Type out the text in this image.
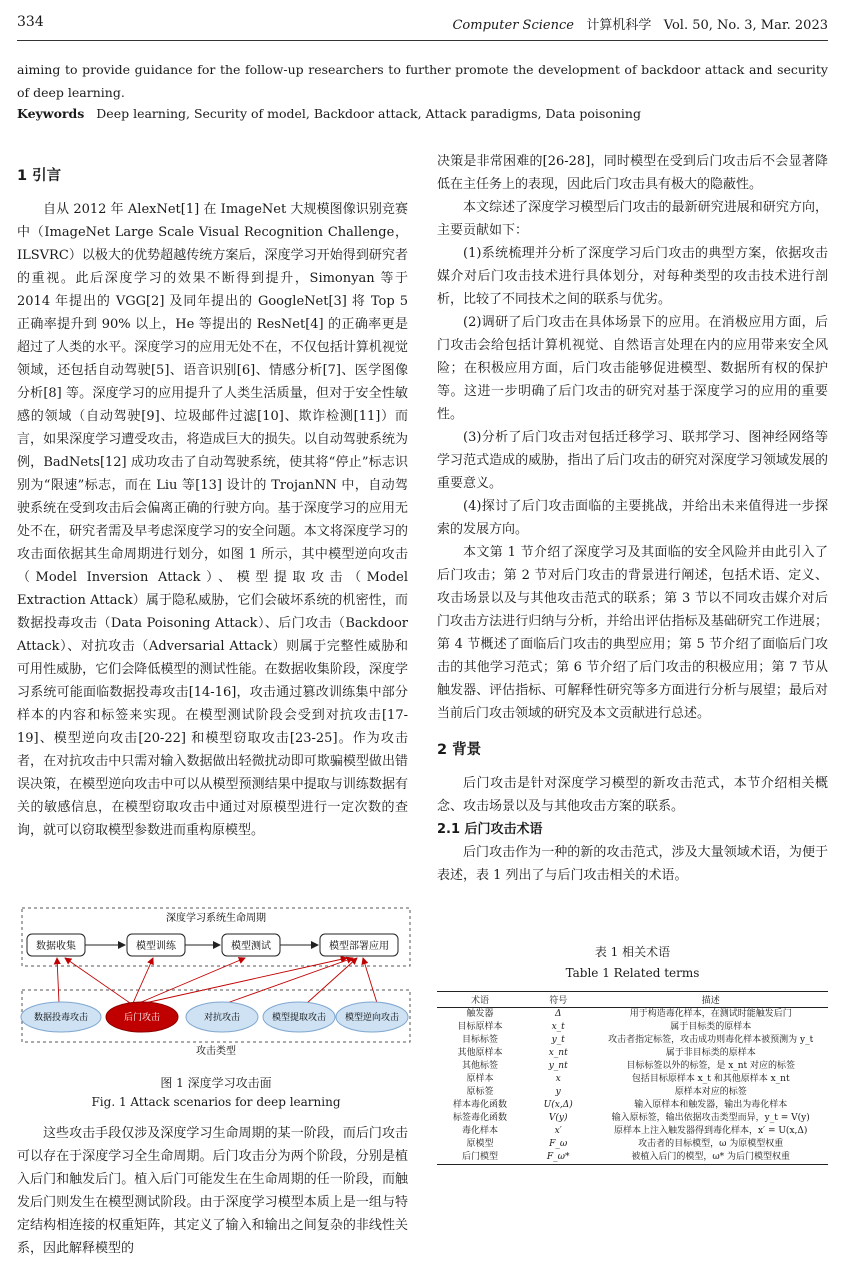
334	Computer Science 计算机科学 Vol. 50, No. 3, Mar. 2023
aiming to provide guidance for the follow-up researchers to further promote the development of backdoor attack and security of deep learning.
Keywords Deep learning, Security of model, Backdoor attack, Attack paradigms, Data poisoning

1 引言

自从 2012 年 AlexNet[1] 在 ImageNet 大规模图像识别竞赛中（ImageNet Large Scale Visual Recognition Challenge，ILSVRC）以极大的优势超越传统方案后，深度学习开始得到研究者的重视。此后深度学习的效果不断得到提升，Simonyan 等于 2014 年提出的 VGG[2] 及同年提出的 GoogleNet[3] 将 Top 5 正确率提升到 90% 以上，He 等提出的 ResNet[4] 的正确率更是超过了人类的水平。深度学习的应用无处不在，不仅包括计算机视觉领域，还包括自动驾驶[5]、语音识别[6]、情感分析[7]、医学图像分析[8] 等。深度学习的应用提升了人类生活质量，但对于安全性敏感的领域（自动驾驶[9]、垃圾邮件过滤[10]、欺诈检测[11]）而言，如果深度学习遭受攻击，将造成巨大的损失。以自动驾驶系统为例，BadNets[12] 成功攻击了自动驾驶系统，使其将“停止”标志识别为“限速”标志，而在 Liu 等[13] 设计的 TrojanNN 中，自动驾驶系统在受到攻击后会偏离正确的行驶方向。基于深度学习的应用无处不在，研究者需及早考虑深度学习的安全问题。本文将深度学习的攻击面依据其生命周期进行划分，如图 1 所示，其中模型逆向攻击（Model Inversion Attack）、模型提取攻击（Model Extraction Attack）属于隐私威胁，它们会破坏系统的机密性，而数据投毒攻击（Data Poisoning Attack）、后门攻击（Backdoor Attack）、对抗攻击（Adversarial Attack）则属于完整性威胁和可用性威胁，它们会降低模型的测试性能。在数据收集阶段，深度学习系统可能面临数据投毒攻击[14-16]，攻击通过篡改训练集中部分样本的内容和标签来实现。在模型测试阶段会受到对抗攻击[17-19]、模型逆向攻击[20-22] 和模型窃取攻击[23-25]。作为攻击者，在对抗攻击中只需对输入数据做出轻微扰动即可欺骗模型做出错误决策，在模型逆向攻击中可以从模型预测结果中提取与训练数据有关的敏感信息，在模型窃取攻击中通过对原模型进行一定次数的查询，就可以窃取模型参数进而重构原模型。

深度学习系统生命周期
数据收集	模型训练	模型测试	模型部署应用
数据投毒攻击	后门攻击	对抗攻击	模型提取攻击 模型逆向攻击
攻击类型
图 1 深度学习攻击面
Fig. 1 Attack scenarios for deep learning

这些攻击手段仅涉及深度学习生命周期的某一阶段，而后门攻击可以存在于深度学习全生命周期。后门攻击分为两个阶段，分别是植入后门和触发后门。植入后门可能发生在生命周期的任一阶段，而触发后门则发生在模型测试阶段。由于深度学习模型本质上是一组与特定结构相连接的权重矩阵，其定义了输入和输出之间复杂的非线性关系，因此解释模型的

决策是非常困难的[26-28]，同时模型在受到后门攻击后不会显著降低在主任务上的表现，因此后门攻击具有极大的隐蔽性。

本文综述了深度学习模型后门攻击的最新研究进展和研究方向，主要贡献如下：

(1)系统梳理并分析了深度学习后门攻击的典型方案，依据攻击媒介对后门攻击技术进行具体划分，对每种类型的攻击技术进行剖析，比较了不同技术之间的联系与优劣。

(2)调研了后门攻击在具体场景下的应用。在消极应用方面，后门攻击会给包括计算机视觉、自然语言处理在内的应用带来安全风险；在积极应用方面，后门攻击能够促进模型、数据所有权的保护等。这进一步明确了后门攻击的研究对基于深度学习的应用的重要性。

(3)分析了后门攻击对包括迁移学习、联邦学习、图神经网络等学习范式造成的威胁，指出了后门攻击的研究对深度学习领域发展的重要意义。

(4)探讨了后门攻击面临的主要挑战，并给出未来值得进一步探索的发展方向。

本文第 1 节介绍了深度学习及其面临的安全风险并由此引入了后门攻击；第 2 节对后门攻击的背景进行阐述，包括术语、定义、攻击场景以及与其他攻击范式的联系；第 3 节以不同攻击媒介对后门攻击方法进行归纳与分析，并给出评估指标及基础研究工作进展；第 4 节概述了面临后门攻击的典型应用；第 5 节介绍了面临后门攻击的其他学习范式；第 6 节介绍了后门攻击的积极应用；第 7 节从触发器、评估指标、可解释性研究等多方面进行分析与展望；最后对当前后门攻击领域的研究及本文贡献进行总述。

2 背景

后门攻击是针对深度学习模型的新攻击范式，本节介绍相关概念、攻击场景以及与其他攻击方案的联系。

2.1 后门攻击术语

后门攻击作为一种的新的攻击范式，涉及大量领域术语，为便于表述，表 1 列出了与后门攻击相关的术语。

表 1 相关术语
Table 1 Related terms
术语	符号	描述
触发器	Δ	用于构造毒化样本，在测试时能触发后门
目标原样本	x_t	属于目标类的原样本
目标标签	y_t	攻击者指定标签，攻击成功则毒化样本被预测为 y_t
其他原样本	x_nt	属于非目标类的原样本
其他标签	y_nt	目标标签以外的标签，是 x_nt 对应的标签
原样本	x	包括目标原样本 x_t 和其他原样本 x_nt
原标签	y	原样本对应的标签
样本毒化函数	U(x,Δ)	输入原样本和触发器，输出为毒化样本
标签毒化函数	V(y)	输入原标签，输出依据攻击类型而异，y_t = V(y)
毒化样本	x′	原样本上注入触发器得到毒化样本，x′ = U(x,Δ)
原模型	F_ω	攻击者的目标模型，ω 为原模型权重
后门模型	F_ω*	被植入后门的模型，ω* 为后门模型权重
